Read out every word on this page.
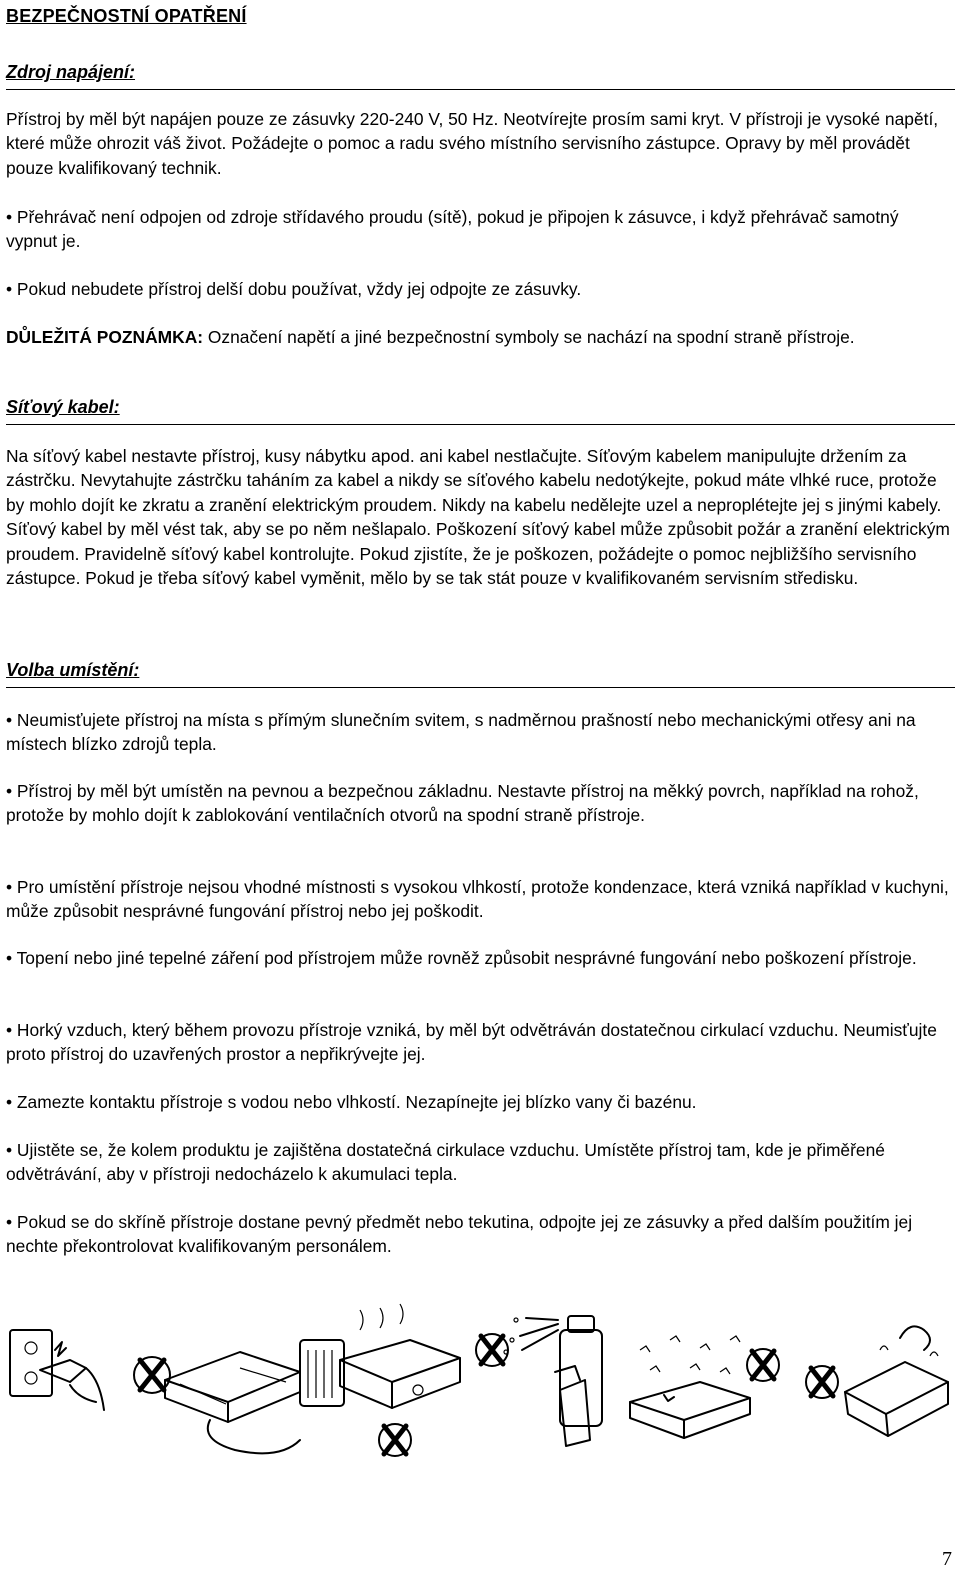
BEZPEČNOSTNÍ OPATŘENÍ
Zdroj napájení:
Přístroj by měl být napájen pouze ze zásuvky 220-240 V, 50 Hz. Neotvírejte prosím sami kryt. V přístroji je vysoké napětí, které může ohrozit váš život. Požádejte o pomoc a radu svého místního servisního zástupce. Opravy by měl provádět pouze kvalifikovaný technik.
• Přehrávač není odpojen od zdroje střídavého proudu (sítě), pokud je připojen k zásuvce, i když přehrávač samotný vypnut je.
• Pokud nebudete přístroj delší dobu používat, vždy jej odpojte ze zásuvky.
DŮLEŽITÁ POZNÁMKA: Označení napětí a jiné bezpečnostní symboly se nachází na spodní straně přístroje.
Síťový kabel:
Na síťový kabel nestavte přístroj, kusy nábytku apod. ani kabel nestlačujte. Síťovým kabelem manipulujte držením za zástrčku. Nevytahujte zástrčku taháním za kabel a nikdy se síťového kabelu nedotýkejte, pokud máte vlhké ruce, protože by mohlo dojít ke zkratu a zranění elektrickým proudem. Nikdy na kabelu nedělejte uzel a neproplétejte jej s jinými kabely. Síťový kabel by měl vést tak, aby se po něm nešlapalo. Poškození síťový kabel může způsobit požár a zranění elektrickým proudem. Pravidelně síťový kabel kontrolujte. Pokud zjistíte, že je poškozen, požádejte o pomoc nejbližšího servisního zástupce. Pokud je třeba síťový kabel vyměnit, mělo by se tak stát pouze v kvalifikovaném servisním středisku.
Volba umístění:
• Neumisťujete přístroj na místa s přímým slunečním svitem, s nadměrnou prašností nebo mechanickými otřesy ani na místech blízko zdrojů tepla.
• Přístroj by měl být umístěn na pevnou a bezpečnou základnu. Nestavte přístroj na měkký povrch, například na rohož, protože by mohlo dojít k zablokování ventilačních otvorů na spodní straně přístroje.
• Pro umístění přístroje nejsou vhodné místnosti s vysokou vlhkostí, protože kondenzace, která vzniká například v kuchyni, může způsobit nesprávné fungování přístroj nebo jej poškodit.
• Topení nebo jiné tepelné záření pod přístrojem může rovněž způsobit nesprávné fungování nebo poškození přístroje.
• Horký vzduch, který během provozu přístroje vzniká, by měl být odvětráván dostatečnou cirkulací vzduchu. Neumisťujte proto přístroj do uzavřených prostor a nepřikrývejte jej.
• Zamezte kontaktu přístroje s vodou nebo vlhkostí. Nezapínejte jej blízko vany či bazénu.
• Ujistěte se, že kolem produktu je zajištěna dostatečná cirkulace vzduchu. Umístěte přístroj tam, kde je přiměřené odvětrávání, aby v přístroji nedocházelo k akumulaci tepla.
• Pokud se do skříně přístroje dostane pevný předmět nebo tekutina, odpojte jej ze zásuvky a před dalším použitím jej nechte překontrolovat kvalifikovaným personálem.
7
